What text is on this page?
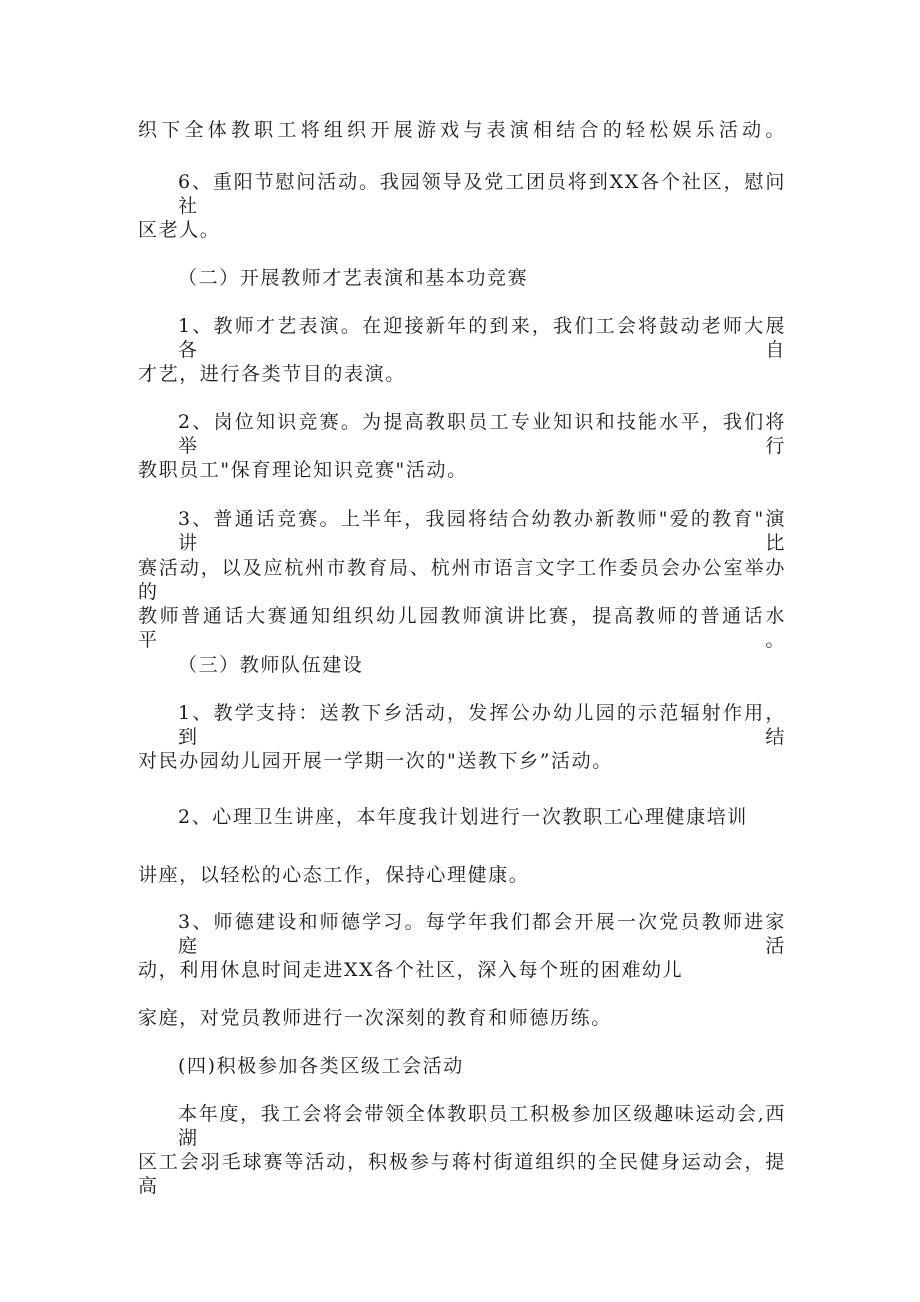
织下全体教职工将组织开展游戏与表演相结合的轻松娱乐活动。
6、重阳节慰问活动。我园领导及党工团员将到XX各个社区，慰问社
区老人。
（二）开展教师才艺表演和基本功竞赛
1、教师才艺表演。在迎接新年的到来，我们工会将鼓动老师大展各自
才艺，进行各类节目的表演。
2、岗位知识竞赛。为提高教职员工专业知识和技能水平，我们将举行
教职员工"保育理论知识竞赛"活动。
3、普通话竞赛。上半年，我园将结合幼教办新教师"爱的教育"演讲比
赛活动，以及应杭州市教育局、杭州市语言文字工作委员会办公室举办的
教师普通话大赛通知组织幼儿园教师演讲比赛，提高教师的普通话水平。
（三）教师队伍建设
1、教学支持：送教下乡活动，发挥公办幼儿园的示范辐射作用，到结
对民办园幼儿园开展一学期一次的"送教下乡”活动。
2、心理卫生讲座，本年度我计划进行一次教职工心理健康培训
讲座，以轻松的心态工作，保持心理健康。
3、师德建设和师德学习。每学年我们都会开展一次党员教师进家庭活
动，利用休息时间走进XX各个社区，深入每个班的困难幼儿
家庭，对党员教师进行一次深刻的教育和师德历练。
(四)积极参加各类区级工会活动
本年度，我工会将会带领全体教职员工积极参加区级趣味运动会,西湖
区工会羽毛球赛等活动，积极参与蒋村街道组织的全民健身运动会，提高
